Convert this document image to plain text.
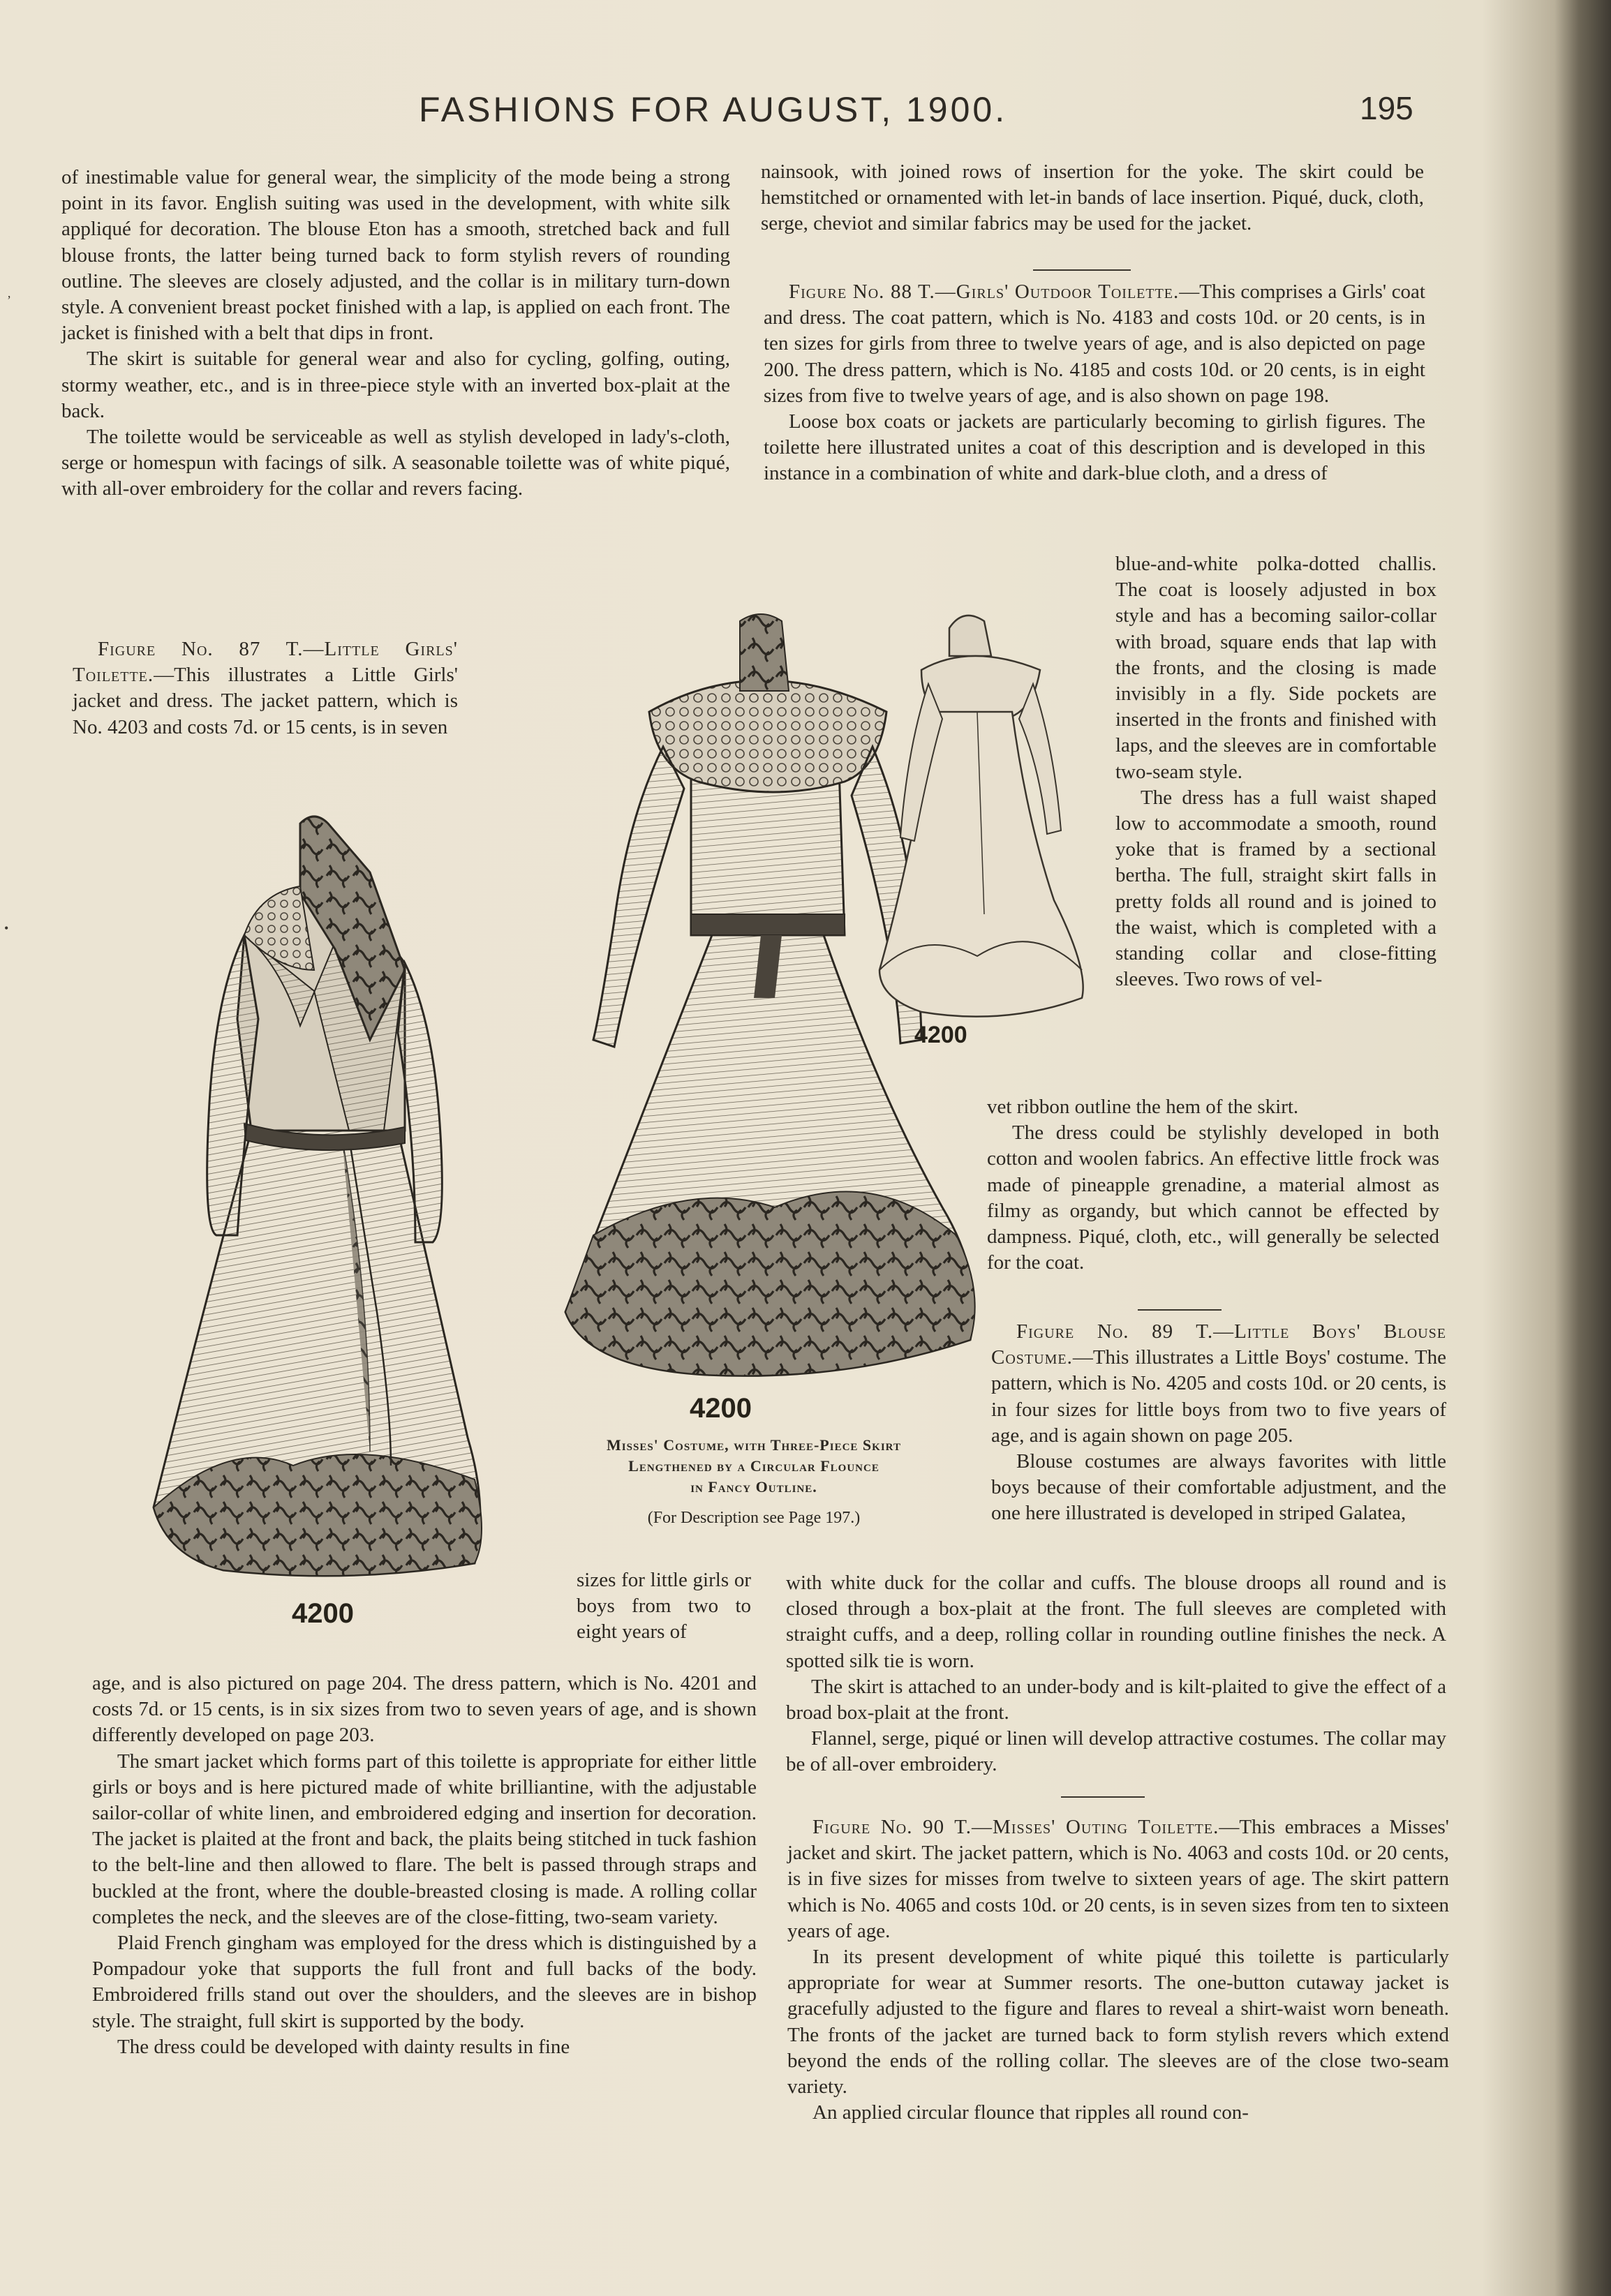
FASHIONS FOR AUGUST, 1900.	195

of inestimable value for general wear, the simplicity of the mode being a strong point in its favor. English suiting was used in the development, with white silk appliqué for decoration. The blouse Eton has a smooth, stretched back and full blouse fronts, the latter being turned back to form stylish revers of rounding outline. The sleeves are closely adjusted, and the collar is in military turn-down style. A convenient breast pocket finished with a lap, is applied on each front. The jacket is finished with a belt that dips in front.

The skirt is suitable for general wear and also for cycling, golfing, outing, stormy weather, etc., and is in three-piece style with an inverted box-plait at the back.

The toilette would be serviceable as well as stylish developed in lady's-cloth, serge or homespun with facings of silk. A seasonable toilette was of white piqué, with all-over embroidery for the collar and revers facing.

Figure No. 87 T.—Little Girls' Toilette.—This illustrates a Little Girls' jacket and dress. The jacket pattern, which is No. 4203 and costs 7d. or 15 cents, is in seven

sizes for little girls or boys from two to eight years of

age, and is also pictured on page 204. The dress pattern, which is No. 4201 and costs 7d. or 15 cents, is in six sizes from two to seven years of age, and is shown differently developed on page 203.

The smart jacket which forms part of this toilette is appropriate for either little girls or boys and is here pictured made of white brilliantine, with the adjustable sailor-collar of white linen, and embroidered edging and insertion for decoration. The jacket is plaited at the front and back, the plaits being stitched in tuck fashion to the belt-line and then allowed to flare. The belt is passed through straps and buckled at the front, where the double-breasted closing is made. A rolling collar completes the neck, and the sleeves are of the close-fitting, two-seam variety.

Plaid French gingham was employed for the dress which is distinguished by a Pompadour yoke that supports the full front and full backs of the body. Embroidered frills stand out over the shoulders, and the sleeves are in bishop style. The straight, full skirt is supported by the body.

The dress could be developed with dainty results in fine

nainsook, with joined rows of insertion for the yoke. The skirt could be hemstitched or ornamented with let-in bands of lace insertion. Piqué, duck, cloth, serge, cheviot and similar fabrics may be used for the jacket.

Figure No. 88 T.—Girls' Outdoor Toilette.—This comprises a Girls' coat and dress. The coat pattern, which is No. 4183 and costs 10d. or 20 cents, is in ten sizes for girls from three to twelve years of age, and is also depicted on page 200. The dress pattern, which is No. 4185 and costs 10d. or 20 cents, is in eight sizes from five to twelve years of age, and is also shown on page 198.

Loose box coats or jackets are particularly becoming to girlish figures. The toilette here illustrated unites a coat of this description and is developed in this instance in a combination of white and dark-blue cloth, and a dress of

blue-and-white polka-dotted challis. The coat is loosely adjusted in box style and has a becoming sailor-collar with broad, square ends that lap with the fronts, and the closing is made invisibly in a fly. Side pockets are inserted in the fronts and finished with laps, and the sleeves are in comfortable two-seam style.

The dress has a full waist shaped low to accommodate a smooth, round yoke that is framed by a sectional bertha. The full, straight skirt falls in pretty folds all round and is joined to the waist, which is completed with a standing collar and close-fitting sleeves. Two rows of vel-

vet ribbon outline the hem of the skirt.

The dress could be stylishly developed in both cotton and woolen fabrics. An effective little frock was made of pineapple grenadine, a material almost as filmy as organdy, but which cannot be effected by dampness. Piqué, cloth, etc., will generally be selected for the coat.

Figure No. 89 T.—Little Boys' Blouse Costume.—This illustrates a Little Boys' costume. The pattern, which is No. 4205 and costs 10d. or 20 cents, is in four sizes for little boys from two to five years of age, and is again shown on page 205.

Blouse costumes are always favorites with little boys because of their comfortable adjustment, and the one here illustrated is developed in striped Galatea,

with white duck for the collar and cuffs. The blouse droops all round and is closed through a box-plait at the front. The full sleeves are completed with straight cuffs, and a deep, rolling collar in rounding outline finishes the neck. A spotted silk tie is worn.

The skirt is attached to an under-body and is kilt-plaited to give the effect of a broad box-plait at the front.

Flannel, serge, piqué or linen will develop attractive costumes. The collar may be of all-over embroidery.

Figure No. 90 T.—Misses' Outing Toilette.—This embraces a Misses' jacket and skirt. The jacket pattern, which is No. 4063 and costs 10d. or 20 cents, is in five sizes for misses from twelve to sixteen years of age. The skirt pattern which is No. 4065 and costs 10d. or 20 cents, is in seven sizes from ten to sixteen years of age.

In its present development of white piqué this toilette is particularly appropriate for wear at Summer resorts. The one-button cutaway jacket is gracefully adjusted to the figure and flares to reveal a shirt-waist worn beneath. The fronts of the jacket are turned back to form stylish revers which extend beyond the ends of the rolling collar. The sleeves are of the close two-seam variety.

An applied circular flounce that ripples all round con-

4200
4200
4200
Misses' Costume, with Three-Piece Skirt
Lengthened by a Circular Flounce
in Fancy Outline.
(For Description see Page 197.)
ʼ
•
